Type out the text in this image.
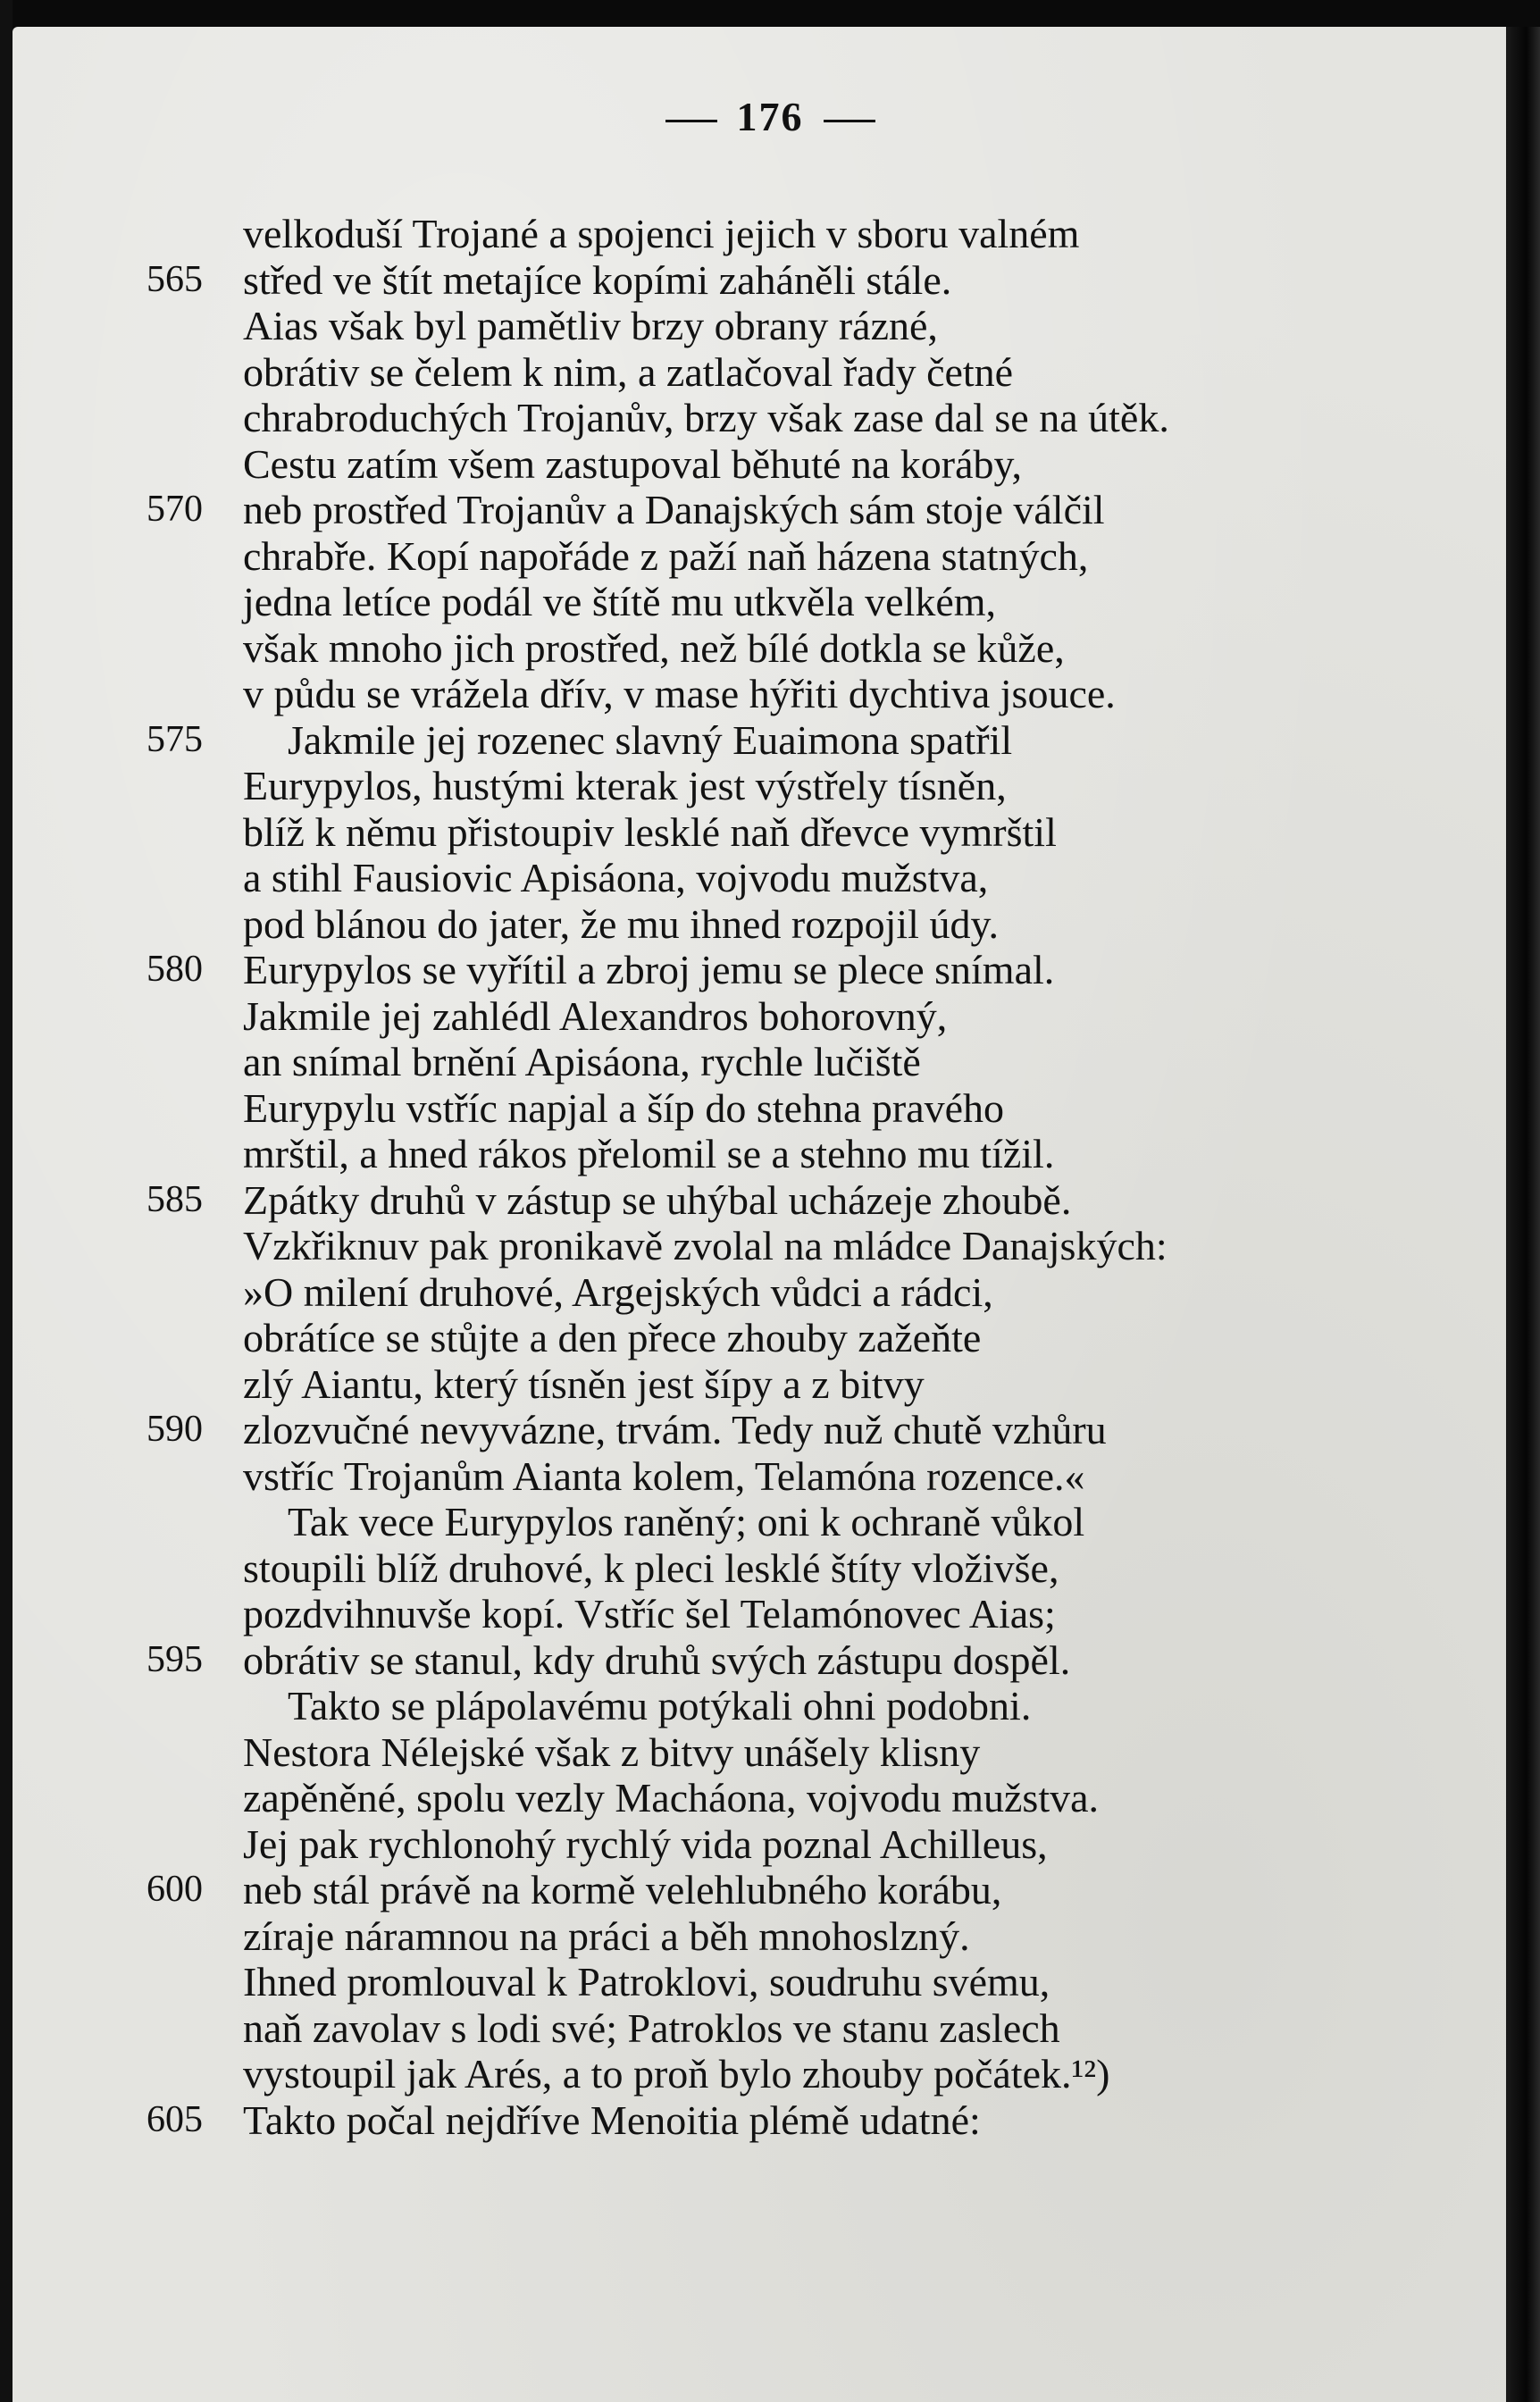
176
velkoduší Trojané a spojenci jejich v sboru valném
565 střed ve štít metajíce kopími zaháněli stále.
Aias však byl pamětliv brzy obrany rázné,
obrátiv se čelem k nim, a zatlačoval řady četné
chrabroduchých Trojanův, brzy však zase dal se na útěk.
Cestu zatím všem zastupoval běhuté na koráby,
570 neb prostřed Trojanův a Danajských sám stoje válčil
chrabře. Kopí napořáde z paží naň házena statných,
jedna letíce podál ve štítě mu utkvěla velkém,
však mnoho jich prostřed, než bílé dotkla se kůže,
v půdu se vrážela dřív, v mase hýřiti dychtiva jsouce.
575	Jakmile jej rozenec slavný Euaimona spatřil
Eurypylos, hustými kterak jest výstřely tísněn,
blíž k němu přistoupiv lesklé naň dřevce vymrštil
a stihl Fausiovic Apisáona, vojvodu mužstva,
pod blánou do jater, že mu ihned rozpojil údy.
580 Eurypylos se vyřítil a zbroj jemu se plece snímal.
Jakmile jej zahlédl Alexandros bohorovný,
an snímal brnění Apisáona, rychle lučiště
Eurypylu vstříc napjal a šíp do stehna pravého
mrštil, a hned rákos přelomil se a stehno mu tížil.
585 Zpátky druhů v zástup se uhýbal ucházeje zhoubě.
Vzkřiknuv pak pronikavě zvolal na mládce Danajských:
»O milení druhové, Argejských vůdci a rádci,
obrátíce se stůjte a den přece zhouby zažeňte
zlý Aiantu, který tísněn jest šípy a z bitvy
590 zlozvučné nevyvázne, trvám. Tedy nuž chutě vzhůru
vstříc Trojanům Aianta kolem, Telamóna rozence.«
Tak vece Eurypylos raněný; oni k ochraně vůkol
stoupili blíž druhové, k pleci lesklé štíty vloživše,
pozdvihnuvše kopí. Vstříc šel Telamónovec Aias;
595 obrátiv se stanul, kdy druhů svých zástupu dospěl.
Takto se plápolavému potýkali ohni podobni.
Nestora Nélejské však z bitvy unášely klisny
zapěněné, spolu vezly Macháona, vojvodu mužstva.
Jej pak rychlonohý rychlý vida poznal Achilleus,
600 neb stál právě na kormě velehlubného korábu,
zíraje náramnou na práci a běh mnohoslzný.
Ihned promlouval k Patroklovi, soudruhu svému,
naň zavolav s lodi své; Patroklos ve stanu zaslech
vystoupil jak Arés, a to proň bylo zhouby počátek.¹²)
605 Takto počal nejdříve Menoitia plémě udatné:
